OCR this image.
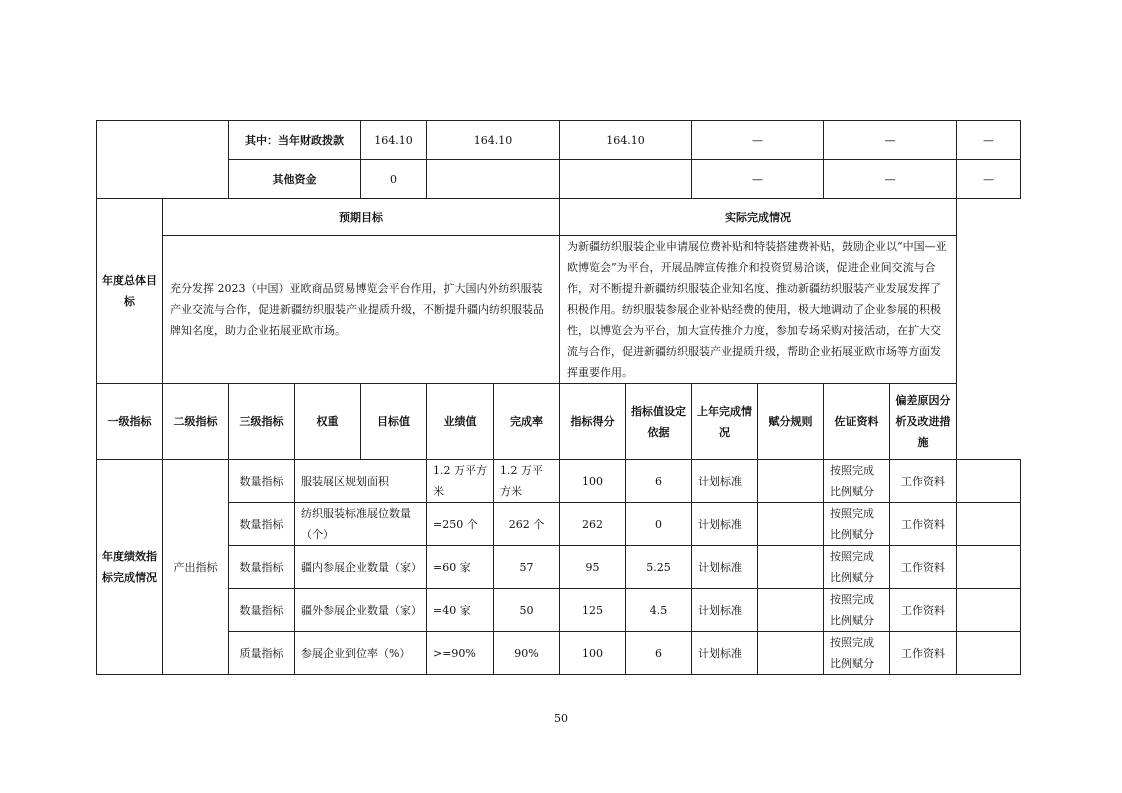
		其中：当年财政拨款		164.10	164.10		164.10		—		—		—
		其他资金		0					—		—		—
年度总体目标	预期目标						实际完成情况						
	充分发挥 2023（中国）亚欧商品贸易博览会平台作用，扩大国内外纺织服装产业交流与合作，促进新疆纺织服装产业提质升级，不断提升疆内纺织服装品牌知名度，助力企业拓展亚欧市场。						为新疆纺织服装企业申请展位费补贴和特装搭建费补贴，鼓励企业以“中国—亚欧博览会”为平台，开展品牌宣传推介和投资贸易洽谈，促进企业间交流与合作，对不断提升新疆纺织服装企业知名度、推动新疆纺织服装产业发展发挥了积极作用。纺织服装参展企业补贴经费的使用，极大地调动了企业参展的积极性，以博览会为平台，加大宣传推介力度，参加专场采购对接活动，在扩大交流与合作，促进新疆纺织服装产业提质升级，帮助企业拓展亚欧市场等方面发挥重要作用。						
一级指标	二级指标	三级指标	权重	目标值	业绩值	完成率	指标得分	指标值设定依据	上年完成情况	赋分规则	佐证资料	偏差原因分析及改进措施	
年度绩效指标完成情况	产出指标	数量指标	服装展区规划面积		1.2 万平方米	1.2 万平方米	100	6	计划标准		按照完成比例赋分	工作资料	
		数量指标	纺织服装标准展位数量（个）		=250 个	262 个	262	0	计划标准		按照完成比例赋分	工作资料	
		数量指标	疆内参展企业数量（家）		=60 家	57	95	5.25	计划标准		按照完成比例赋分	工作资料	
		数量指标	疆外参展企业数量（家）		=40 家	50	125	4.5	计划标准		按照完成比例赋分	工作资料	
		质量指标	参展企业到位率（%）		>=90%	90%	100	6	计划标准		按照完成比例赋分	工作资料	
50
